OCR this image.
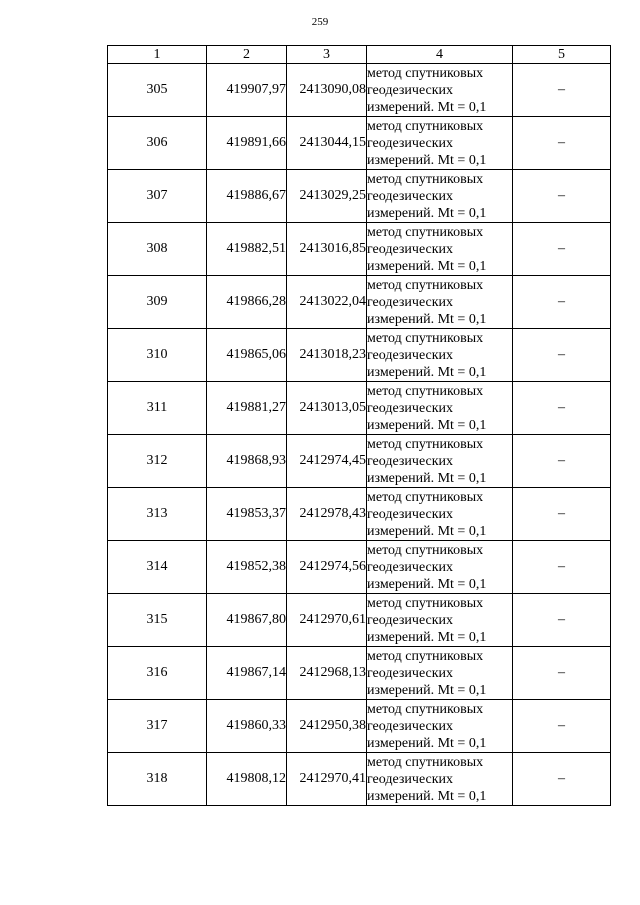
259
1	2	3	4	5
305	419907,97	2413090,08	метод спутниковых
геодезических
измерений. Mt = 0,1	–
306	419891,66	2413044,15	метод спутниковых
геодезических
измерений. Mt = 0,1	–
307	419886,67	2413029,25	метод спутниковых
геодезических
измерений. Mt = 0,1	–
308	419882,51	2413016,85	метод спутниковых
геодезических
измерений. Mt = 0,1	–
309	419866,28	2413022,04	метод спутниковых
геодезических
измерений. Mt = 0,1	–
310	419865,06	2413018,23	метод спутниковых
геодезических
измерений. Mt = 0,1	–
311	419881,27	2413013,05	метод спутниковых
геодезических
измерений. Mt = 0,1	–
312	419868,93	2412974,45	метод спутниковых
геодезических
измерений. Mt = 0,1	–
313	419853,37	2412978,43	метод спутниковых
геодезических
измерений. Mt = 0,1	–
314	419852,38	2412974,56	метод спутниковых
геодезических
измерений. Mt = 0,1	–
315	419867,80	2412970,61	метод спутниковых
геодезических
измерений. Mt = 0,1	–
316	419867,14	2412968,13	метод спутниковых
геодезических
измерений. Mt = 0,1	–
317	419860,33	2412950,38	метод спутниковых
геодезических
измерений. Mt = 0,1	–
318	419808,12	2412970,41	метод спутниковых
геодезических
измерений. Mt = 0,1	–
